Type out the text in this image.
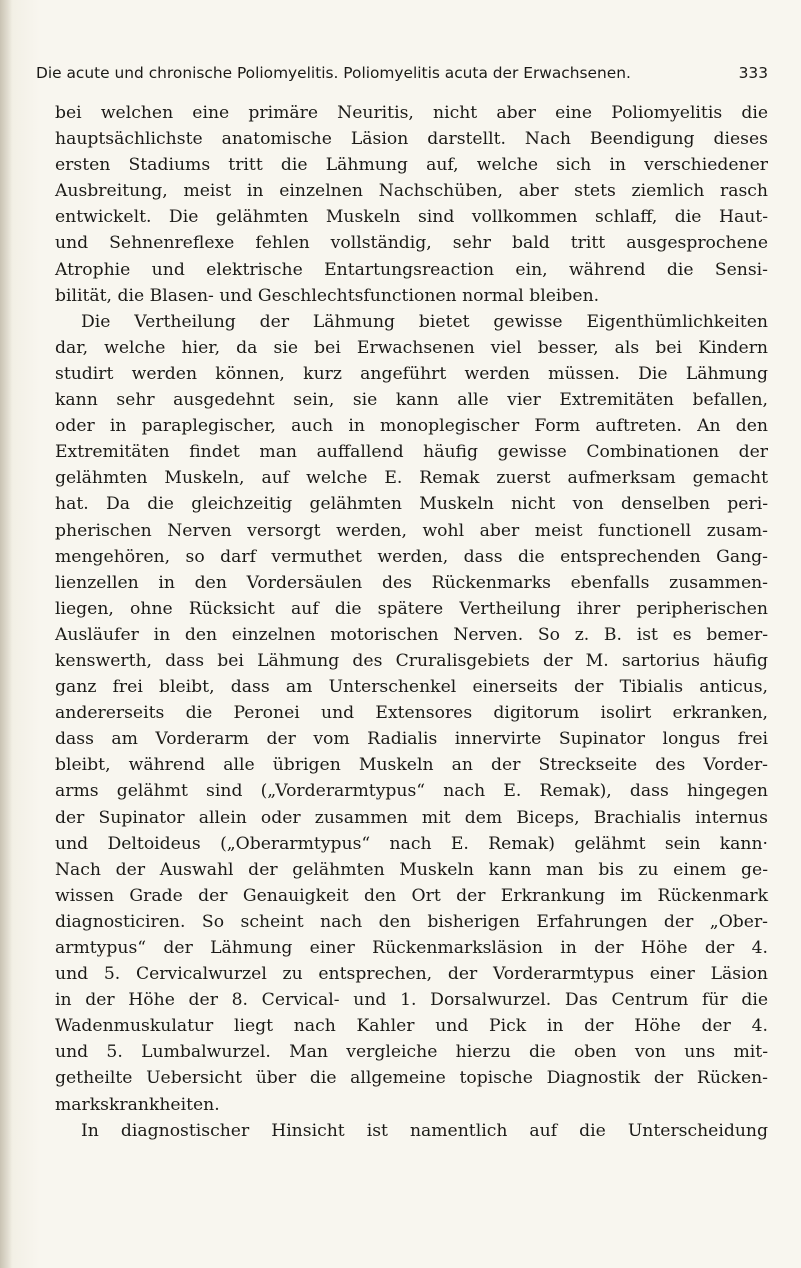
Die acute und chronische Poliomyelitis. Poliomyelitis acuta der Erwachsenen.	333
bei welchen eine primäre Neuritis, nicht aber eine Poliomyelitis die
hauptsächlichste anatomische Läsion darstellt. Nach Beendigung dieses
ersten Stadiums tritt die Lähmung auf, welche sich in verschiedener
Ausbreitung, meist in einzelnen Nachschüben, aber stets ziemlich rasch
entwickelt. Die gelähmten Muskeln sind vollkommen schlaff, die Haut-
und Sehnenreflexe fehlen vollständig, sehr bald tritt ausgesprochene
Atrophie und elektrische Entartungsreaction ein, während die Sensi-
bilität, die Blasen- und Geschlechtsfunctionen normal bleiben.
Die Vertheilung der Lähmung bietet gewisse Eigenthümlichkeiten
dar, welche hier, da sie bei Erwachsenen viel besser, als bei Kindern
studirt werden können, kurz angeführt werden müssen. Die Lähmung
kann sehr ausgedehnt sein, sie kann alle vier Extremitäten befallen,
oder in paraplegischer, auch in monoplegischer Form auftreten. An den
Extremitäten findet man auffallend häufig gewisse Combinationen der
gelähmten Muskeln, auf welche E. Remak zuerst aufmerksam gemacht
hat. Da die gleichzeitig gelähmten Muskeln nicht von denselben peri-
pherischen Nerven versorgt werden, wohl aber meist functionell zusam-
mengehören, so darf vermuthet werden, dass die entsprechenden Gang-
lienzellen in den Vordersäulen des Rückenmarks ebenfalls zusammen-
liegen, ohne Rücksicht auf die spätere Vertheilung ihrer peripherischen
Ausläufer in den einzelnen motorischen Nerven. So z. B. ist es bemer-
kenswerth, dass bei Lähmung des Cruralisgebiets der M. sartorius häufig
ganz frei bleibt, dass am Unterschenkel einerseits der Tibialis anticus,
andererseits die Peronei und Extensores digitorum isolirt erkranken,
dass am Vorderarm der vom Radialis innervirte Supinator longus frei
bleibt, während alle übrigen Muskeln an der Streckseite des Vorder-
arms gelähmt sind („Vorderarmtypus“ nach E. Remak), dass hingegen
der Supinator allein oder zusammen mit dem Biceps, Brachialis internus
und Deltoideus („Oberarmtypus“ nach E. Remak) gelähmt sein kann·
Nach der Auswahl der gelähmten Muskeln kann man bis zu einem ge-
wissen Grade der Genauigkeit den Ort der Erkrankung im Rückenmark
diagnosticiren. So scheint nach den bisherigen Erfahrungen der „Ober-
armtypus“ der Lähmung einer Rückenmarksläsion in der Höhe der 4.
und 5. Cervicalwurzel zu entsprechen, der Vorderarmtypus einer Läsion
in der Höhe der 8. Cervical- und 1. Dorsalwurzel. Das Centrum für die
Wadenmuskulatur liegt nach Kahler und Pick in der Höhe der 4.
und 5. Lumbalwurzel. Man vergleiche hierzu die oben von uns mit-
getheilte Uebersicht über die allgemeine topische Diagnostik der Rücken-
markskrankheiten.
In diagnostischer Hinsicht ist namentlich auf die Unterscheidung
